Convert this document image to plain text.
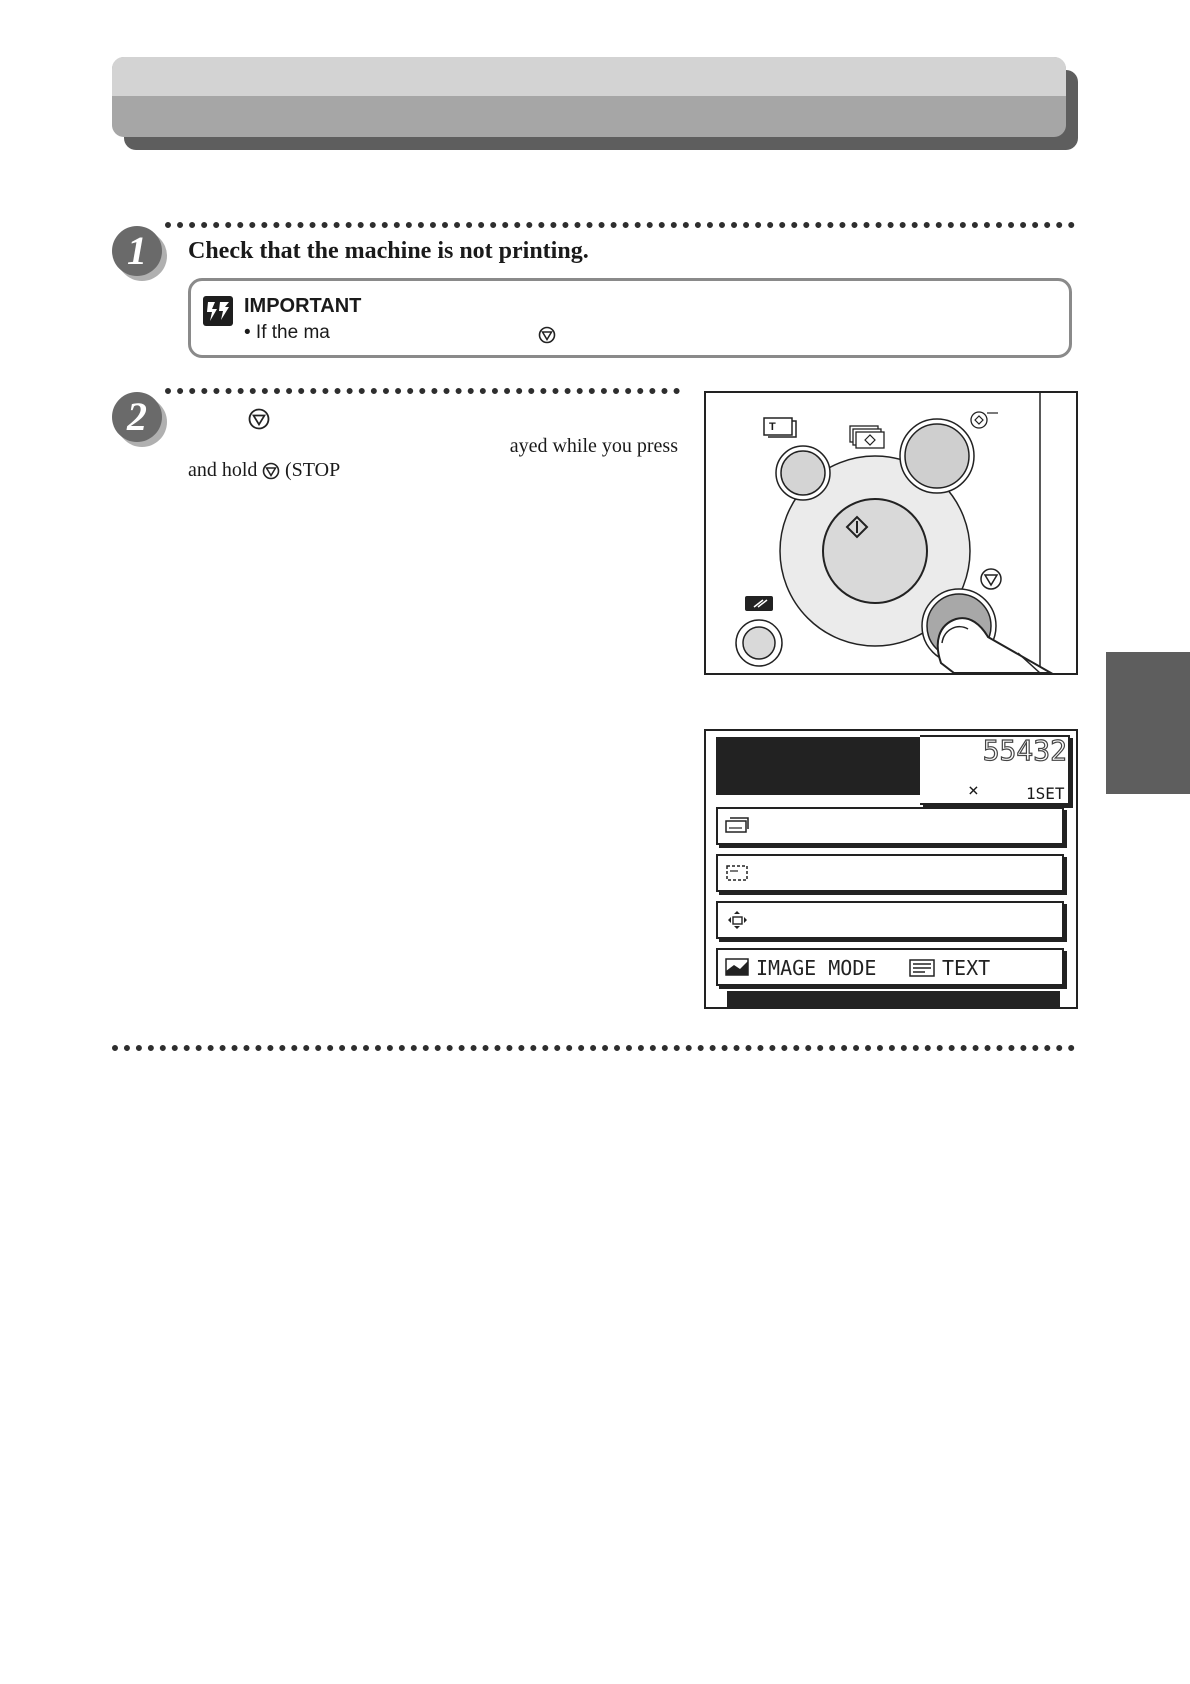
1	Check that the machine is not printing.
IMPORTANT
• If the ma
2
ayed while you press
and hold (STOP
T
55432
×	1SET
IMAGE MODE	TEXT
